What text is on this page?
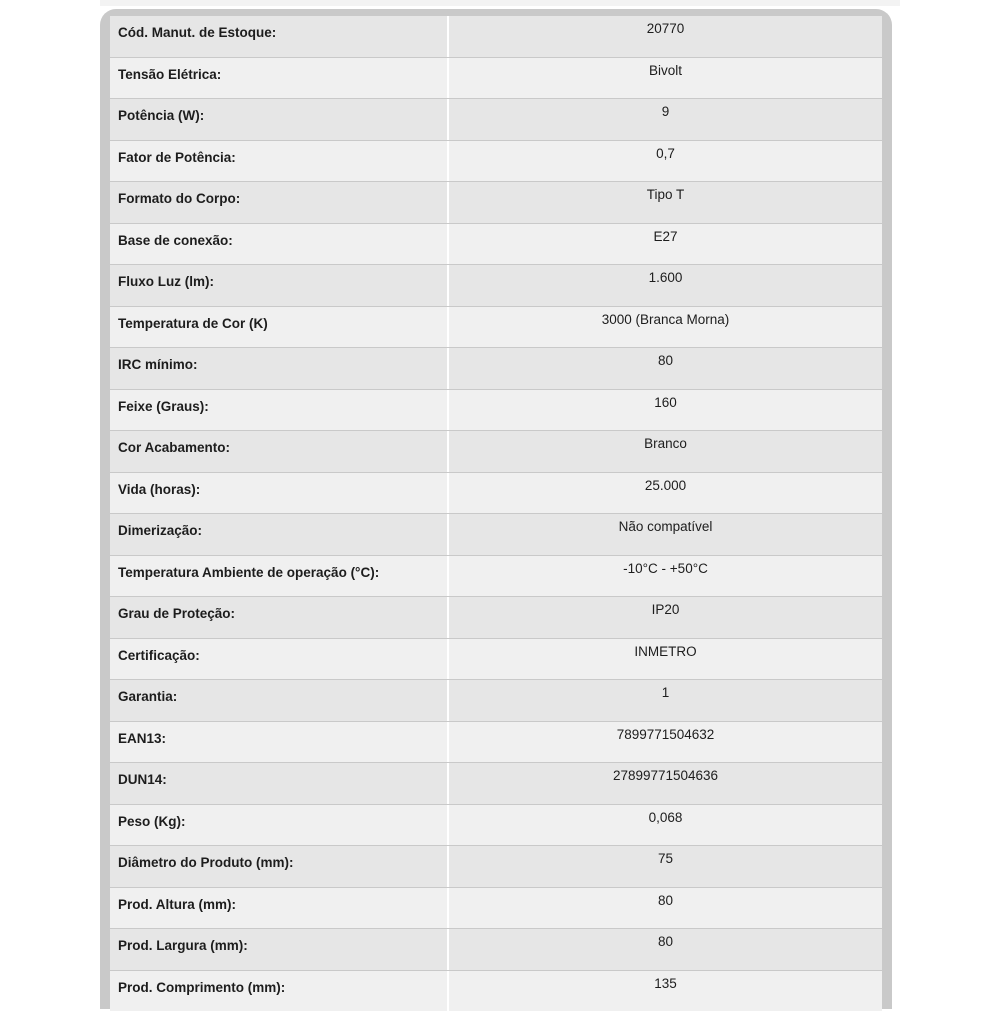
Cód. Manut. de Estoque:	20770
Tensão Elétrica:	Bivolt
Potência (W):	9
Fator de Potência:	0,7
Formato do Corpo:	Tipo T
Base de conexão:	E27
Fluxo Luz (lm):	1.600
Temperatura de Cor (K)	3000 (Branca Morna)
IRC mínimo:	80
Feixe (Graus):	160
Cor Acabamento:	Branco
Vida (horas):	25.000
Dimerização:	Não compatível
Temperatura Ambiente de operação (°C):	-10°C - +50°C
Grau de Proteção:	IP20
Certificação:	INMETRO
Garantia:	1
EAN13:	7899771504632
DUN14:	27899771504636
Peso (Kg):	0,068
Diâmetro do Produto (mm):	75
Prod. Altura (mm):	80
Prod. Largura (mm):	80
Prod. Comprimento (mm):	135
